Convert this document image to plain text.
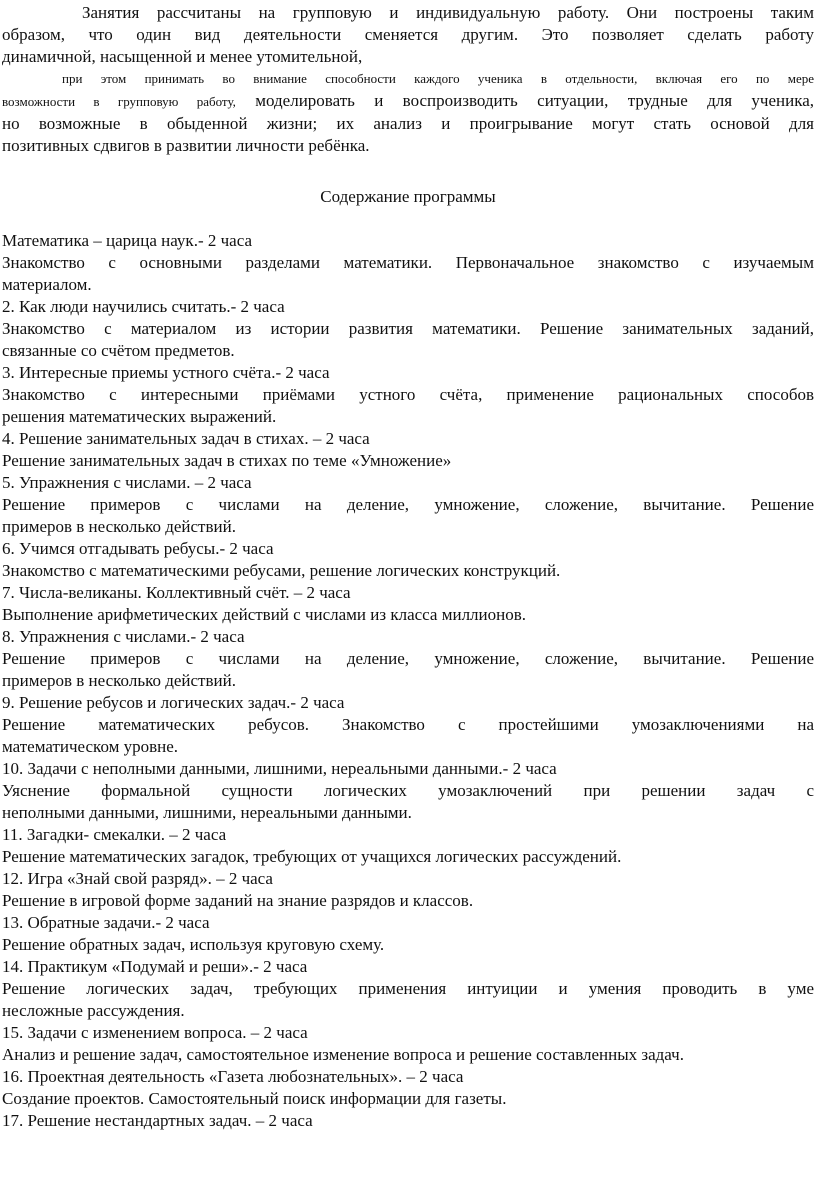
Занятия рассчитаны на групповую и индивидуальную работу. Они построены таким
образом, что один вид деятельности сменяется другим. Это позволяет сделать работу
динамичной, насыщенной и менее утомительной,
при этом принимать во внимание способности каждого ученика в отдельности, включая его по мере
возможности в групповую работу, моделировать и воспроизводить ситуации, трудные для ученика,
но возможные в обыденной жизни; их анализ и проигрывание могут стать основой для
позитивных сдвигов в развитии личности ребёнка.

Содержание программы

Математика – царица наук.- 2 часа
Знакомство с основными разделами математики. Первоначальное знакомство с изучаемым
материалом.
2. Как люди научились считать.- 2 часа
Знакомство с материалом из истории развития математики. Решение занимательных заданий,
связанные со счётом предметов.
3. Интересные приемы устного счёта.- 2 часа
Знакомство с интересными приёмами устного счёта, применение рациональных способов
решения математических выражений.
4. Решение занимательных задач в стихах. – 2 часа
Решение занимательных задач в стихах по теме «Умножение»
5. Упражнения с числами. – 2 часа
Решение примеров с числами на деление, умножение, сложение, вычитание. Решение
примеров в несколько действий.
6. Учимся отгадывать ребусы.- 2 часа
Знакомство с математическими ребусами, решение логических конструкций.
7. Числа-великаны. Коллективный счёт. – 2 часа
Выполнение арифметических действий с числами из класса миллионов.
8. Упражнения с числами.- 2 часа
Решение примеров с числами на деление, умножение, сложение, вычитание. Решение
примеров в несколько действий.
9. Решение ребусов и логических задач.- 2 часа
Решение математических ребусов. Знакомство с простейшими умозаключениями на
математическом уровне.
10. Задачи с неполными данными, лишними, нереальными данными.- 2 часа
Уяснение формальной сущности логических умозаключений при решении задач с
неполными данными, лишними, нереальными данными.
11. Загадки- смекалки. – 2 часа
Решение математических загадок, требующих от учащихся логических рассуждений.
12. Игра «Знай свой разряд». – 2 часа
Решение в игровой форме заданий на знание разрядов и классов.
13. Обратные задачи.- 2 часа
Решение обратных задач, используя круговую схему.
14. Практикум «Подумай и реши».- 2 часа
Решение логических задач, требующих применения интуиции и умения проводить в уме
несложные рассуждения.
15. Задачи с изменением вопроса. – 2 часа
Анализ и решение задач, самостоятельное изменение вопроса и решение составленных задач.
16. Проектная деятельность «Газета любознательных». – 2 часа
Создание проектов. Самостоятельный поиск информации для газеты.
17. Решение нестандартных задач. – 2 часа
